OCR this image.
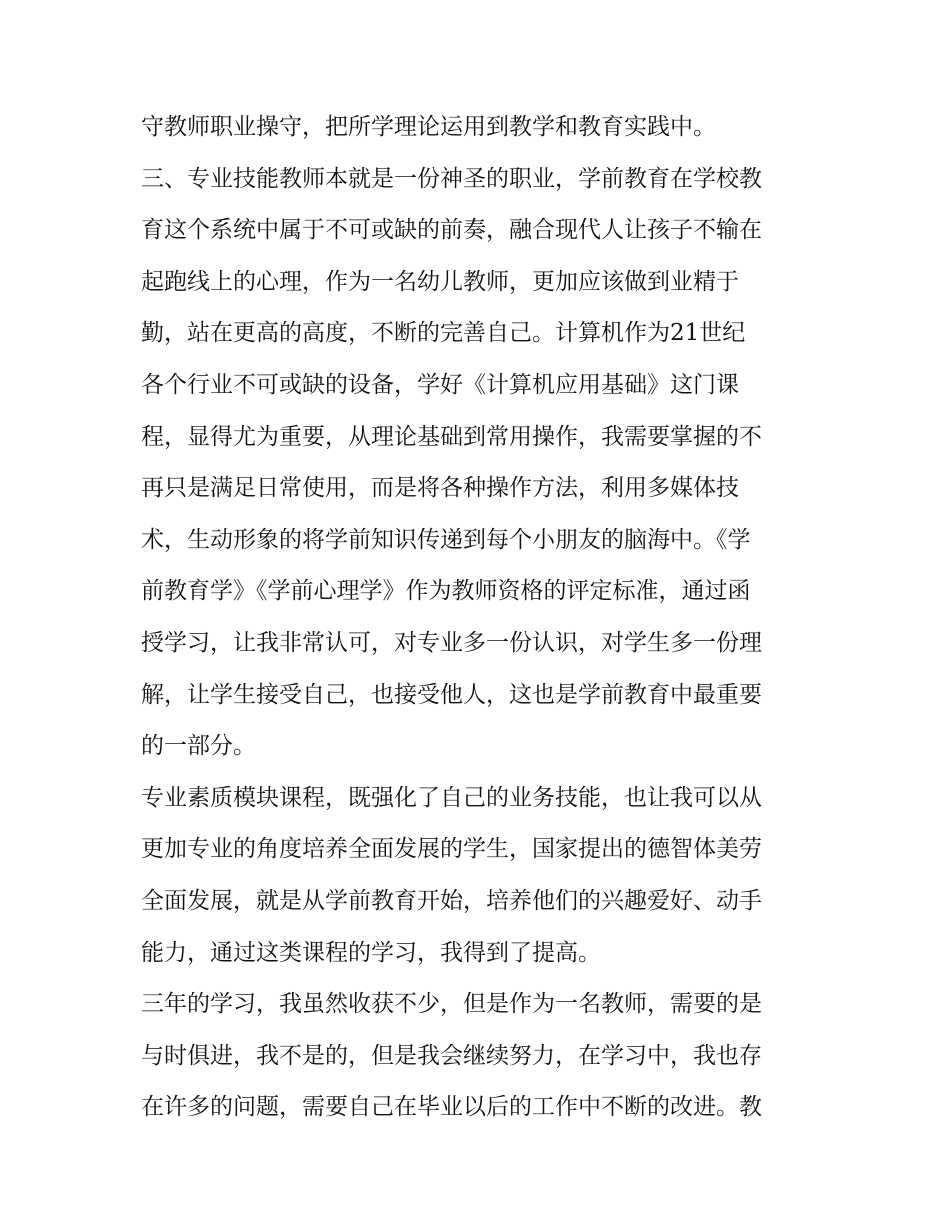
守教师职业操守，把所学理论运用到教学和教育实践中。
三、专业技能教师本就是一份神圣的职业，学前教育在学校教
育这个系统中属于不可或缺的前奏，融合现代人让孩子不输在
起跑线上的心理，作为一名幼儿教师，更加应该做到业精于
勤，站在更高的高度，不断的完善自己。计算机作为21世纪
各个行业不可或缺的设备，学好《计算机应用基础》这门课
程，显得尤为重要，从理论基础到常用操作，我需要掌握的不
再只是满足日常使用，而是将各种操作方法，利用多媒体技
术，生动形象的将学前知识传递到每个小朋友的脑海中。《学
前教育学》《学前心理学》作为教师资格的评定标准，通过函
授学习，让我非常认可，对专业多一份认识，对学生多一份理
解，让学生接受自己，也接受他人，这也是学前教育中最重要
的一部分。
专业素质模块课程，既强化了自己的业务技能，也让我可以从
更加专业的角度培养全面发展的学生，国家提出的德智体美劳
全面发展，就是从学前教育开始，培养他们的兴趣爱好、动手
能力，通过这类课程的学习，我得到了提高。
三年的学习，我虽然收获不少，但是作为一名教师，需要的是
与时俱进，我不是的，但是我会继续努力，在学习中，我也存
在许多的问题，需要自己在毕业以后的工作中不断的改进。教
